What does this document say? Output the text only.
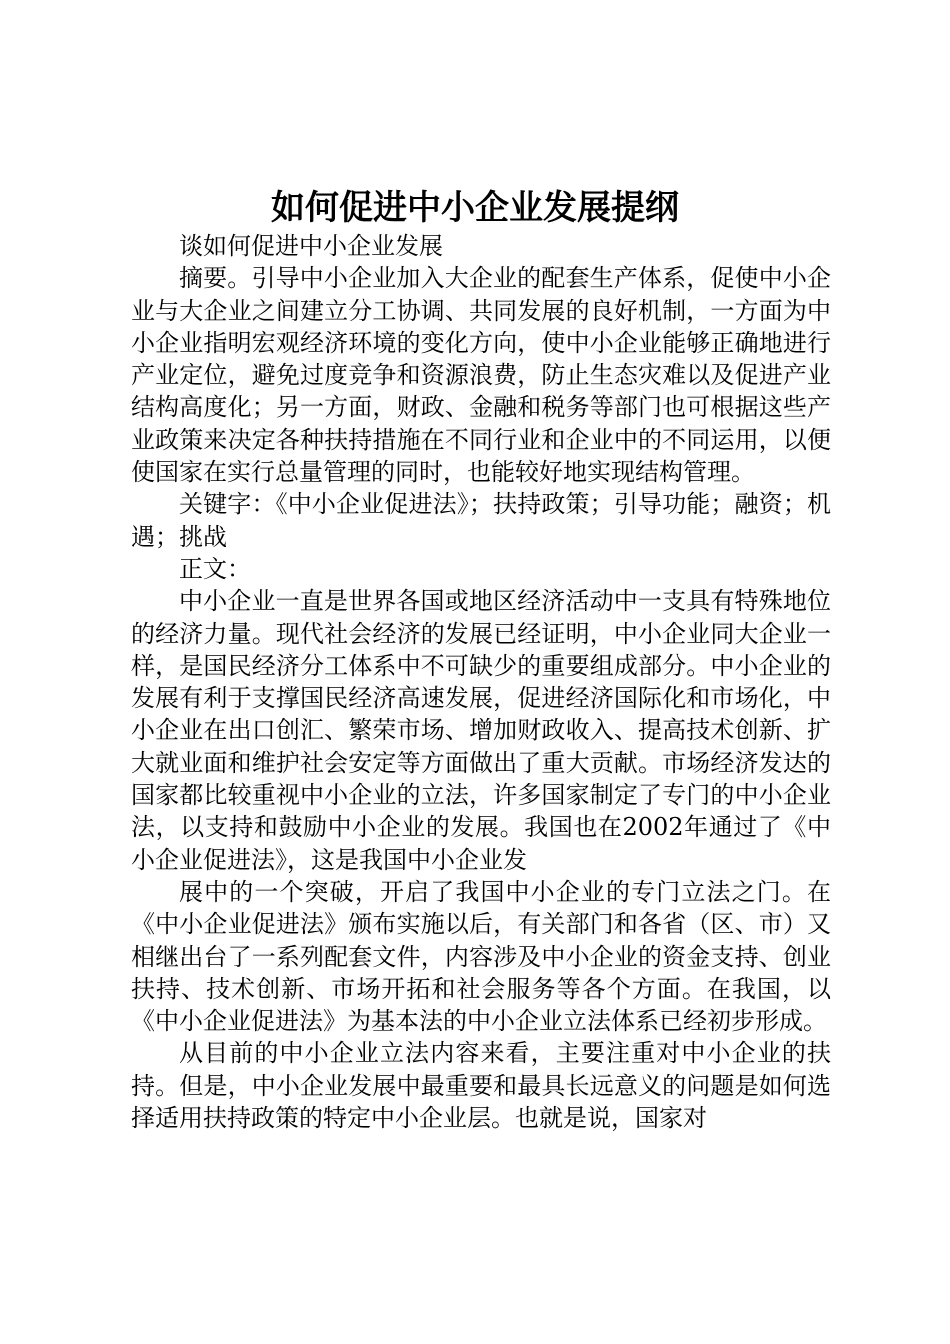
如何促进中小企业发展提纲

谈如何促进中小企业发展

摘要。引导中小企业加入大企业的配套生产体系，促使中小企业与大企业之间建立分工协调、共同发展的良好机制，一方面为中小企业指明宏观经济环境的变化方向，使中小企业能够正确地进行产业定位，避免过度竞争和资源浪费，防止生态灾难以及促进产业结构高度化；另一方面，财政、金融和税务等部门也可根据这些产业政策来决定各种扶持措施在不同行业和企业中的不同运用，以便使国家在实行总量管理的同时，也能较好地实现结构管理。

关键字：《中小企业促进法》；扶持政策；引导功能；融资；机遇；挑战

正文：

中小企业一直是世界各国或地区经济活动中一支具有特殊地位的经济力量。现代社会经济的发展已经证明，中小企业同大企业一样，是国民经济分工体系中不可缺少的重要组成部分。中小企业的发展有利于支撑国民经济高速发展，促进经济国际化和市场化，中小企业在出口创汇、繁荣市场、增加财政收入、提高技术创新、扩大就业面和维护社会安定等方面做出了重大贡献。市场经济发达的国家都比较重视中小企业的立法，许多国家制定了专门的中小企业法，以支持和鼓励中小企业的发展。我国也在2002年通过了《中小企业促进法》，这是我国中小企业发

展中的一个突破，开启了我国中小企业的专门立法之门。在《中小企业促进法》颁布实施以后，有关部门和各省（区、市）又相继出台了一系列配套文件，内容涉及中小企业的资金支持、创业扶持、技术创新、市场开拓和社会服务等各个方面。在我国，以《中小企业促进法》为基本法的中小企业立法体系已经初步形成。

从目前的中小企业立法内容来看，主要注重对中小企业的扶持。但是，中小企业发展中最重要和最具长远意义的问题是如何选择适用扶持政策的特定中小企业层。也就是说，国家对
